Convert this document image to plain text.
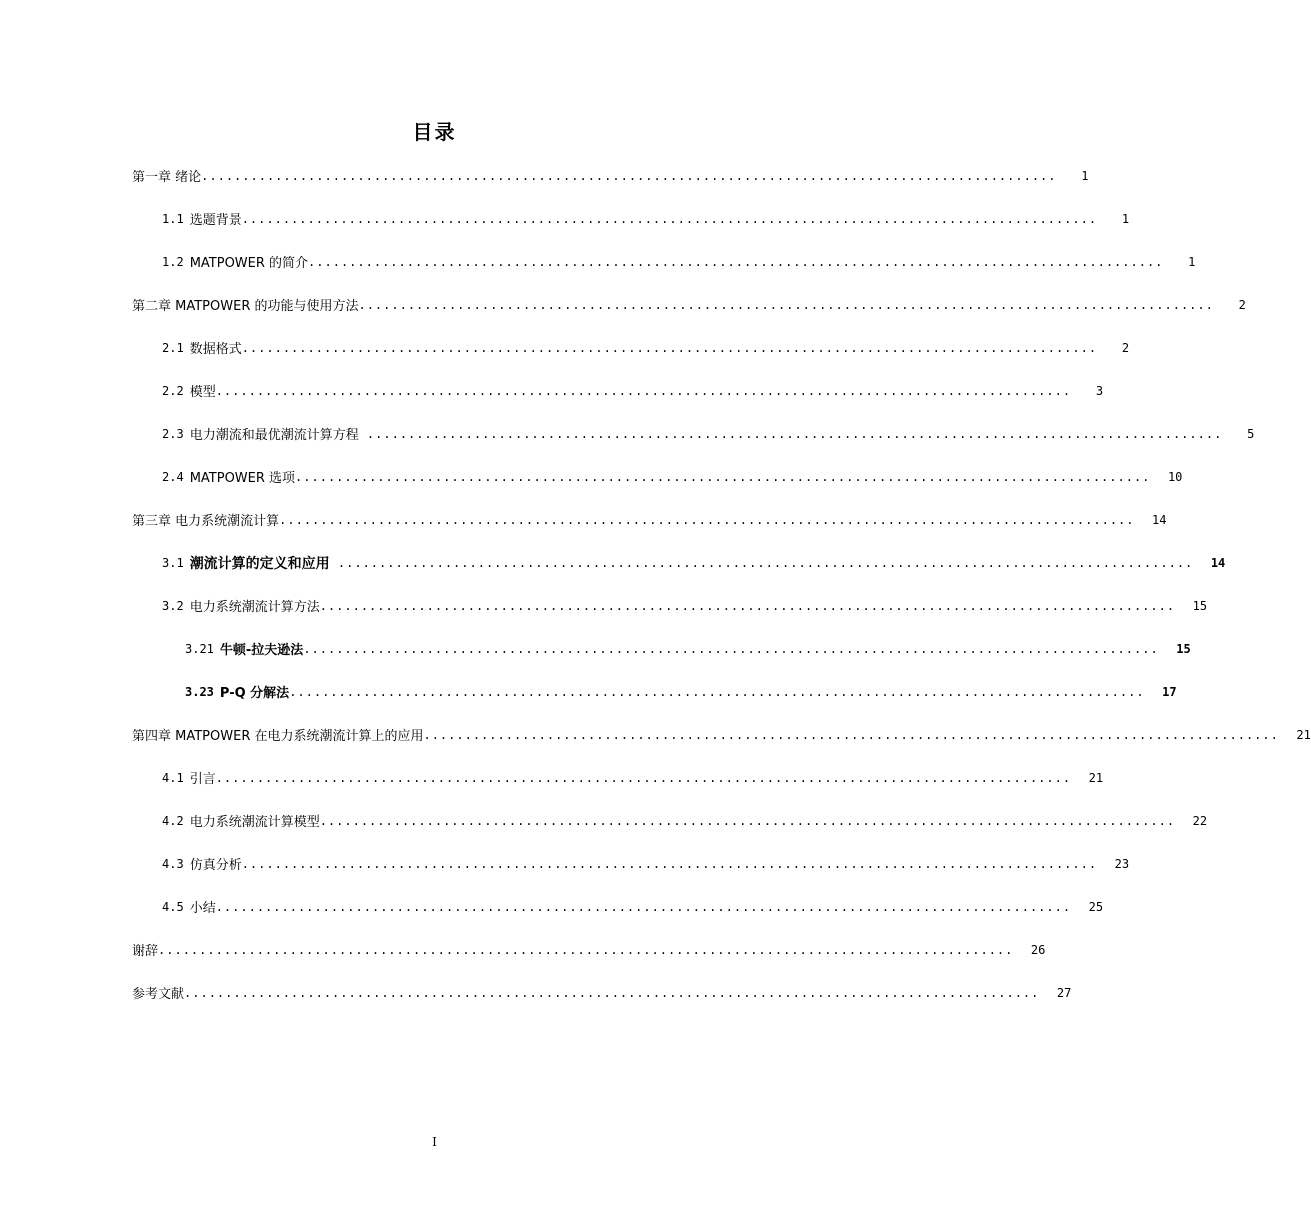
目录
第一章 绪论 ........................................................................................................	1
1.1 选题背景 ........................................................................................................	1
1.2 MATPOWER 的简介 ........................................................................................................	1
第二章 MATPOWER 的功能与使用方法 ........................................................................................................	2
2.1 数据格式 ........................................................................................................	2
2.2 模型 ........................................................................................................	3
2.3 电力潮流和最优潮流计算方程 ........................................................................................................	5
2.4 MATPOWER 选项 ........................................................................................................	10
第三章 电力系统潮流计算 ........................................................................................................	14
3.1 潮流计算的定义和应用 ........................................................................................................	14
3.2 电力系统潮流计算方法 ........................................................................................................	15
3.21 牛顿-拉夫逊法 ........................................................................................................	15
3.23 P-Q 分解法 ........................................................................................................	17
第四章 MATPOWER 在电力系统潮流计算上的应用 ........................................................................................................	21
4.1 引言 ........................................................................................................	21
4.2 电力系统潮流计算模型 ........................................................................................................	22
4.3 仿真分析 ........................................................................................................	23
4.5 小结 ........................................................................................................	25
谢辞 ........................................................................................................	26
参考文献 ........................................................................................................	27
I
